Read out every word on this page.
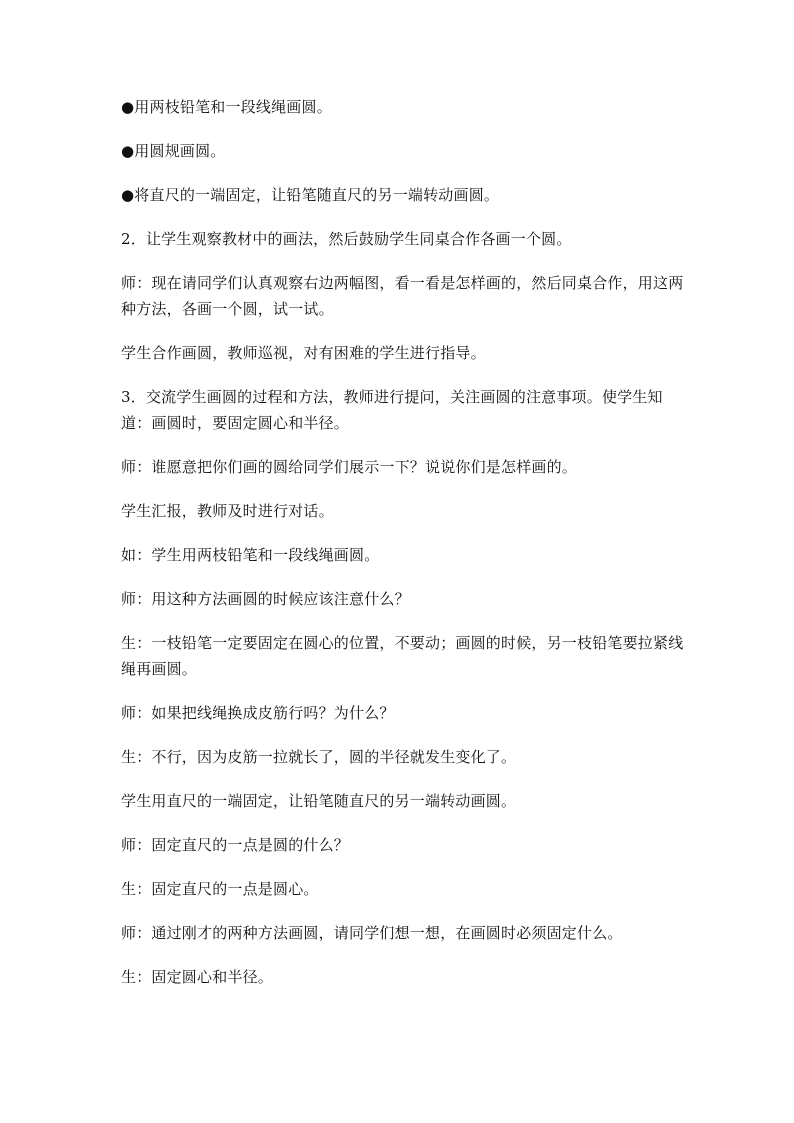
●用两枝铅笔和一段线绳画圆。

●用圆规画圆。

●将直尺的一端固定，让铅笔随直尺的另一端转动画圆。

2．让学生观察教材中的画法，然后鼓励学生同桌合作各画一个圆。

师：现在请同学们认真观察右边两幅图，看一看是怎样画的，然后同桌合作，用这两种方法，各画一个圆，试一试。

学生合作画圆，教师巡视，对有困难的学生进行指导。

3．交流学生画圆的过程和方法，教师进行提问，关注画圆的注意事项。使学生知道：画圆时，要固定圆心和半径。

师：谁愿意把你们画的圆给同学们展示一下？说说你们是怎样画的。

学生汇报，教师及时进行对话。

如：学生用两枝铅笔和一段线绳画圆。

师：用这种方法画圆的时候应该注意什么？

生：一枝铅笔一定要固定在圆心的位置，不要动；画圆的时候，另一枝铅笔要拉紧线绳再画圆。

师：如果把线绳换成皮筋行吗？为什么？

生：不行，因为皮筋一拉就长了，圆的半径就发生变化了。

学生用直尺的一端固定，让铅笔随直尺的另一端转动画圆。

师：固定直尺的一点是圆的什么？

生：固定直尺的一点是圆心。

师：通过刚才的两种方法画圆，请同学们想一想，在画圆时必须固定什么。

生：固定圆心和半径。
